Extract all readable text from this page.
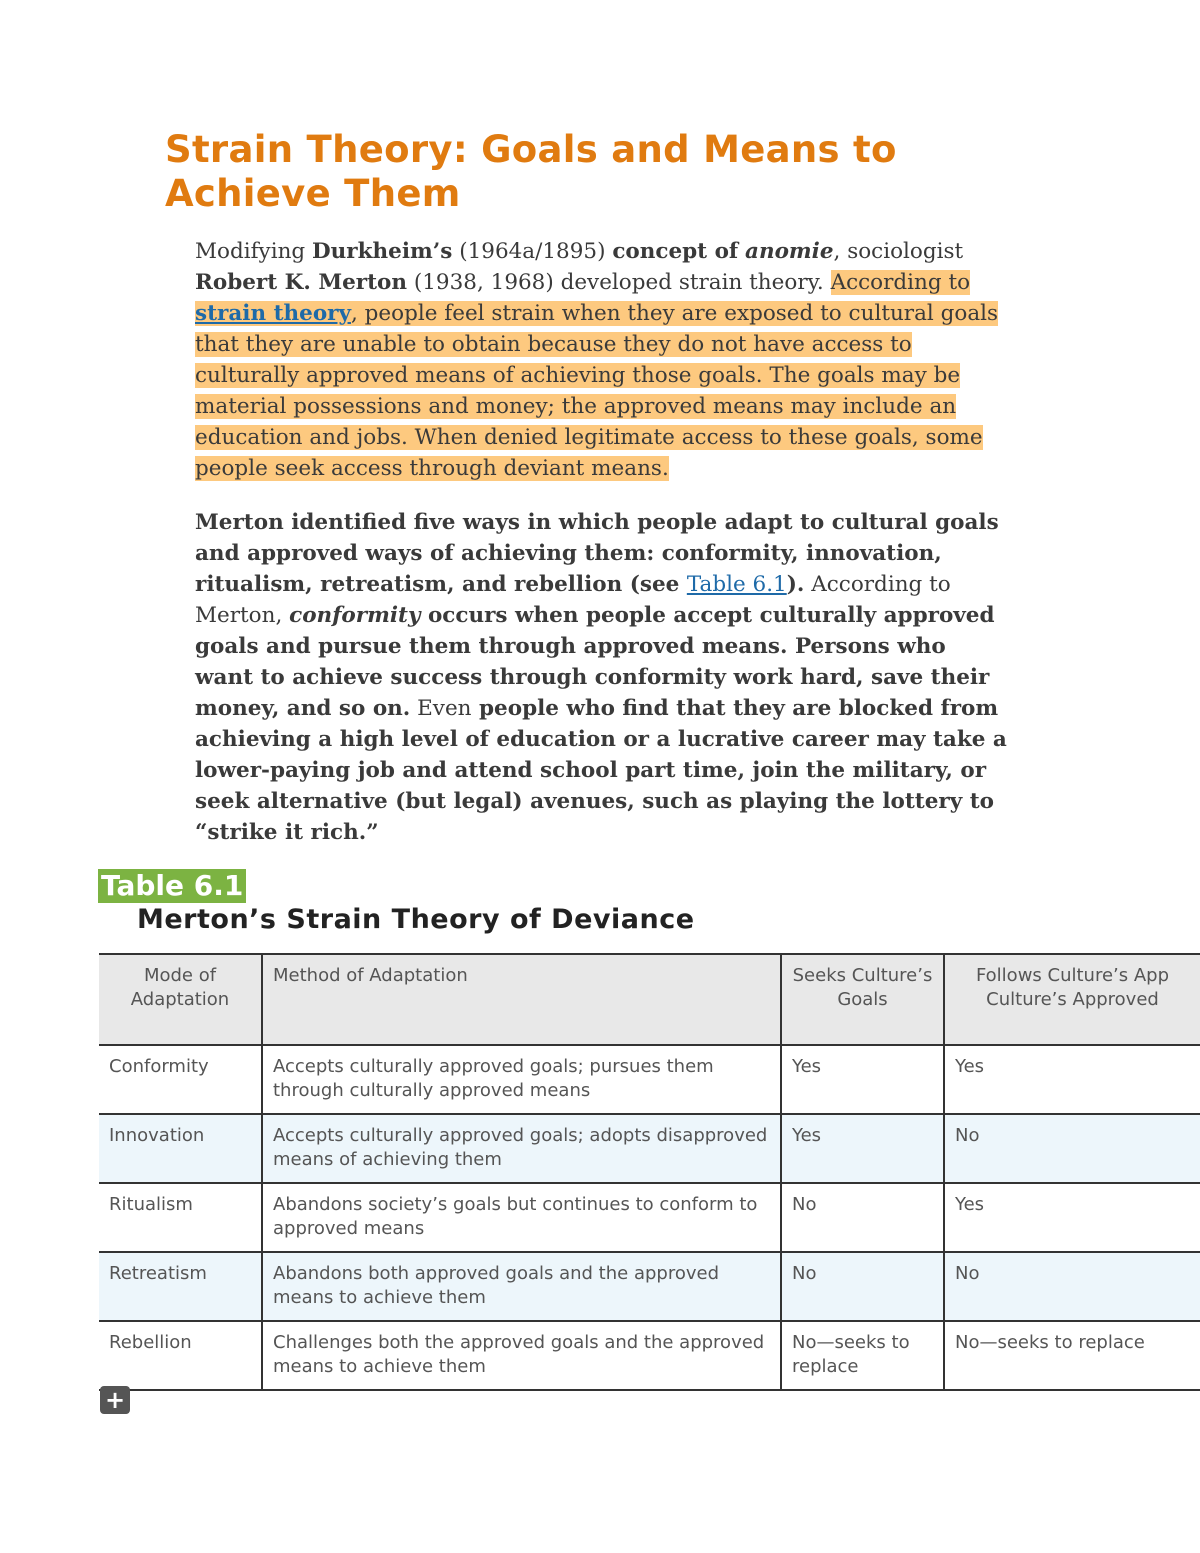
Strain Theory: Goals and Means to Achieve Them

Modifying Durkheim’s (1964a/1895) concept of anomie, sociologist Robert K. Merton (1938, 1968) developed strain theory. According to strain theory, people feel strain when they are exposed to cultural goals that they are unable to obtain because they do not have access to culturally approved means of achieving those goals. The goals may be material possessions and money; the approved means may include an education and jobs. When denied legitimate access to these goals, some people seek access through deviant means.

Merton identified five ways in which people adapt to cultural goals and approved ways of achieving them: conformity, innovation, ritualism, retreatism, and rebellion (see Table 6.1). According to Merton, conformity occurs when people accept culturally approved goals and pursue them through approved means. Persons who want to achieve success through conformity work hard, save their money, and so on. Even people who find that they are blocked from achieving a high level of education or a lucrative career may take a lower-paying job and attend school part time, join the military, or seek alternative (but legal) avenues, such as playing the lottery to “strike it rich.”

Table 6.1
Merton’s Strain Theory of Deviance
Mode of Adaptation	Method of Adaptation	Seeks Culture’s Goals	Follows Culture’s App Culture’s Approved
Conformity	Accepts culturally approved goals; pursues them through culturally approved means	Yes	Yes
Innovation	Accepts culturally approved goals; adopts disapproved means of achieving them	Yes	No
Ritualism	Abandons society’s goals but continues to conform to approved means	No	Yes
Retreatism	Abandons both approved goals and the approved means to achieve them	No	No
Rebellion	Challenges both the approved goals and the approved means to achieve them	No—seeks to replace	No—seeks to replace
+
